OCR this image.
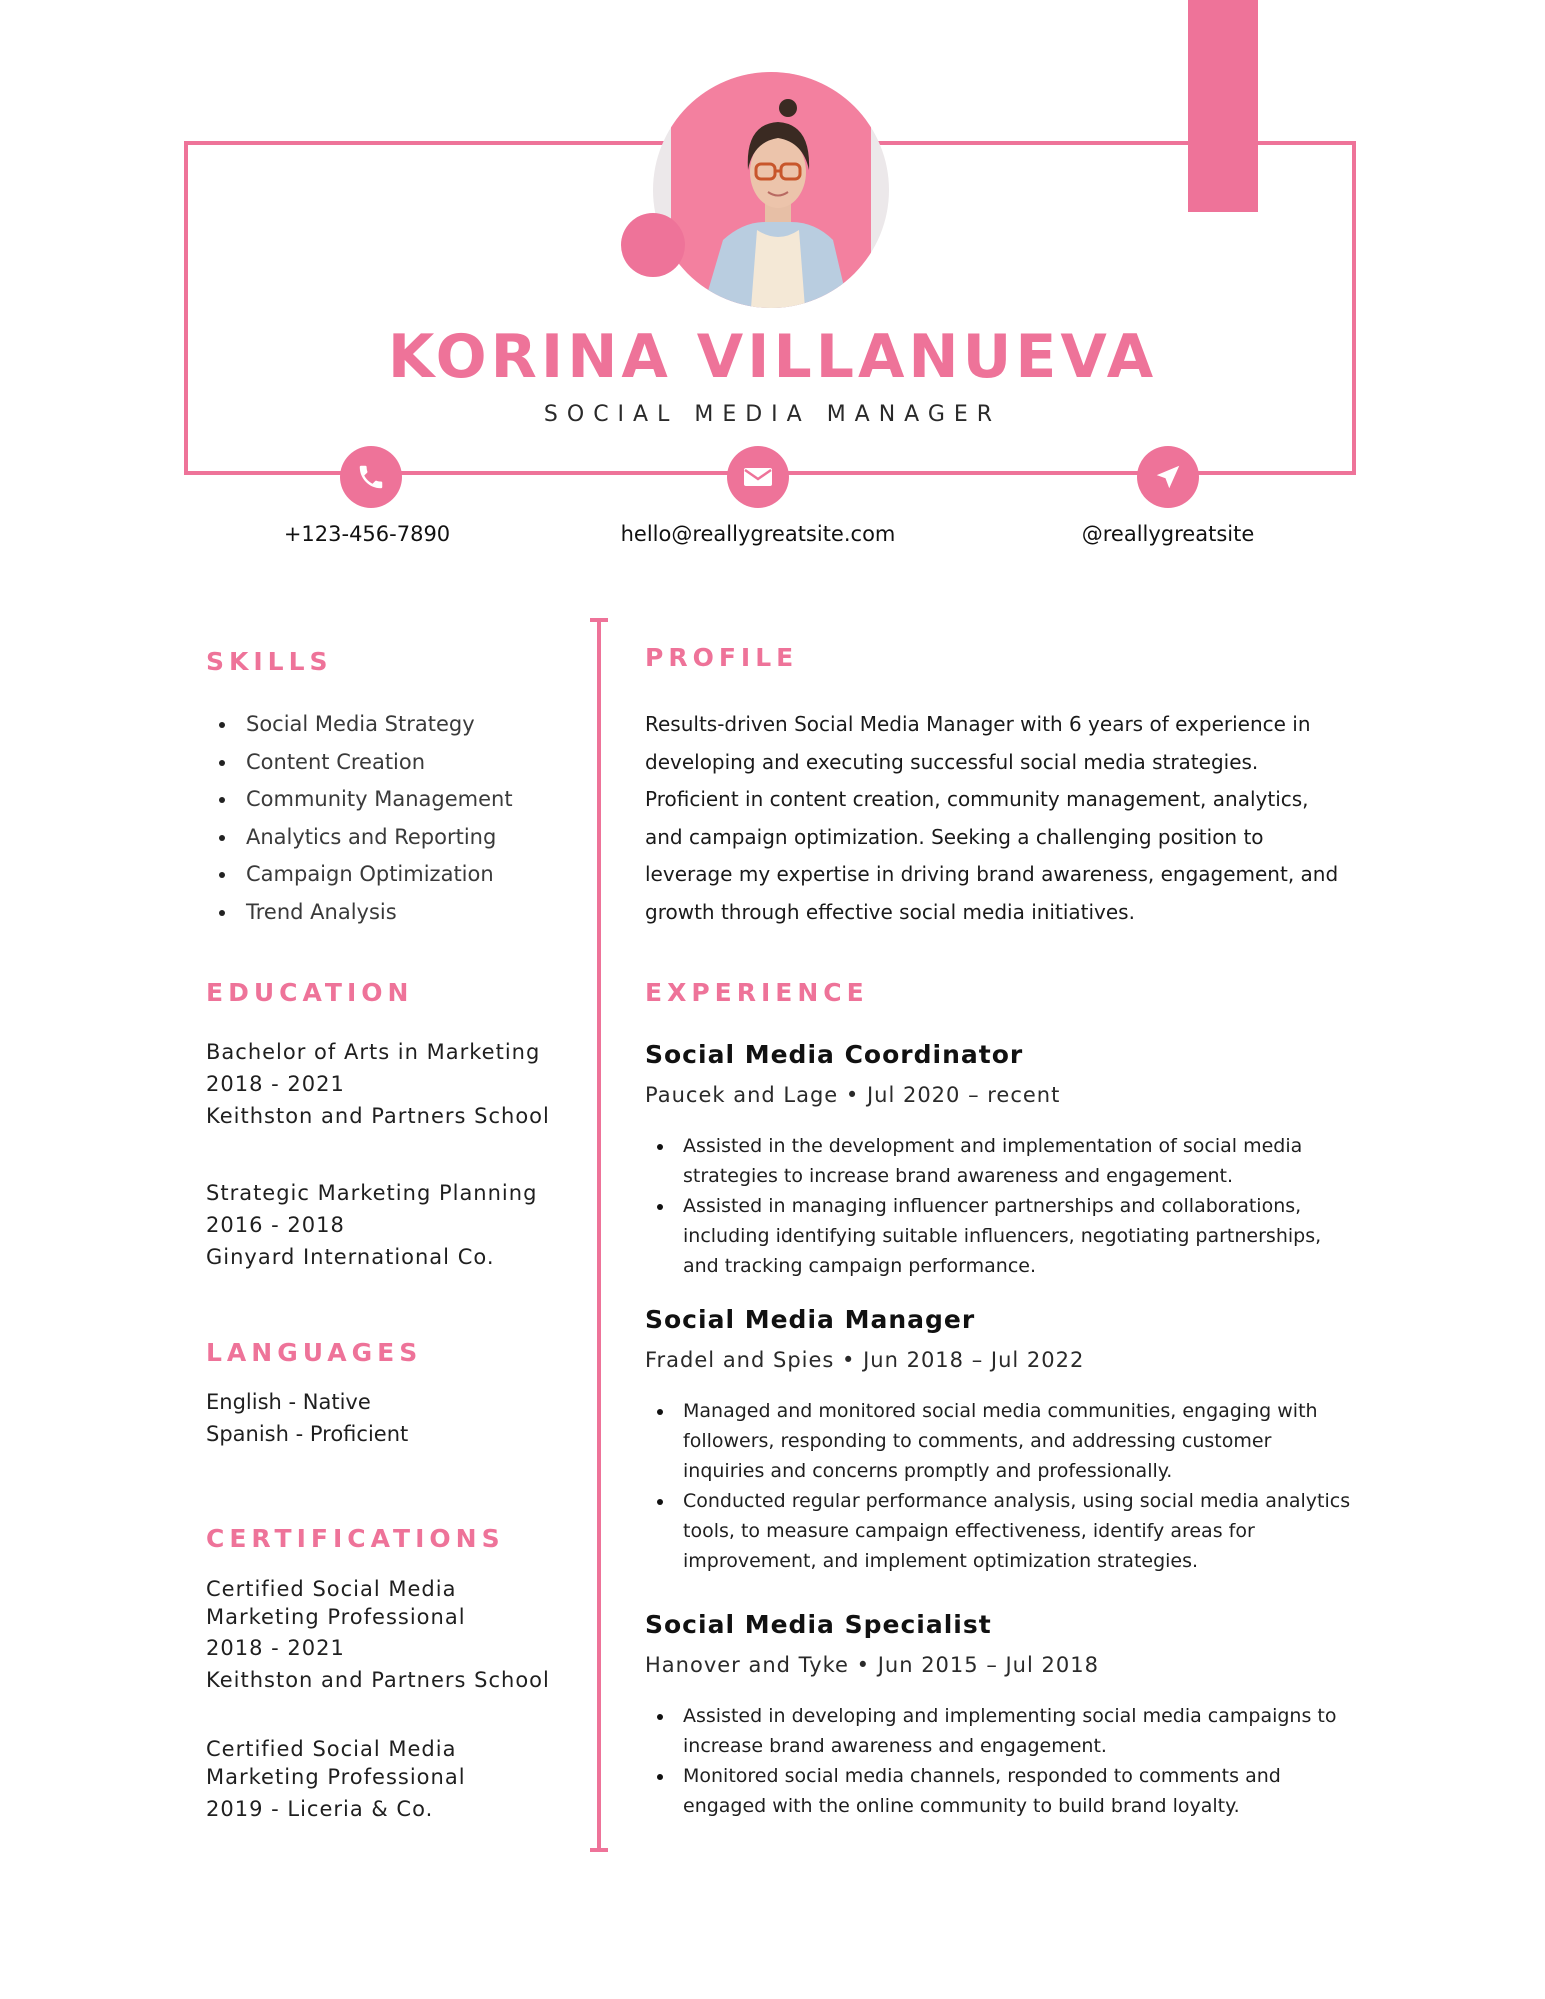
KORINA VILLANUEVA
SOCIAL MEDIA MANAGER
+123-456-7890	hello@reallygreatsite.com	@reallygreatsite
SKILLS
Social Media Strategy
Content Creation
Community Management
Analytics and Reporting
Campaign Optimization
Trend Analysis
EDUCATION
Bachelor of Arts in Marketing
2018 - 2021
Keithston and Partners School
Strategic Marketing Planning
2016 - 2018
Ginyard International Co.
LANGUAGES
English - Native
Spanish - Proficient
CERTIFICATIONS
Certified Social Media
Marketing Professional
2018 - 2021
Keithston and Partners School
Certified Social Media
Marketing Professional
2019 - Liceria & Co.
PROFILE
Results-driven Social Media Manager with 6 years of experience in
developing and executing successful social media strategies.
Proficient in content creation, community management, analytics,
and campaign optimization. Seeking a challenging position to
leverage my expertise in driving brand awareness, engagement, and
growth through effective social media initiatives.
EXPERIENCE
Social Media Coordinator
Paucek and Lage • Jul 2020 – recent
Assisted in the development and implementation of social media strategies to increase brand awareness and engagement.
Assisted in managing influencer partnerships and collaborations, including identifying suitable influencers, negotiating partnerships, and tracking campaign performance.
Social Media Manager
Fradel and Spies • Jun 2018 – Jul 2022
Managed and monitored social media communities, engaging with followers, responding to comments, and addressing customer inquiries and concerns promptly and professionally.
Conducted regular performance analysis, using social media analytics tools, to measure campaign effectiveness, identify areas for improvement, and implement optimization strategies.
Social Media Specialist
Hanover and Tyke • Jun 2015 – Jul 2018
Assisted in developing and implementing social media campaigns to increase brand awareness and engagement.
Monitored social media channels, responded to comments and engaged with the online community to build brand loyalty.
